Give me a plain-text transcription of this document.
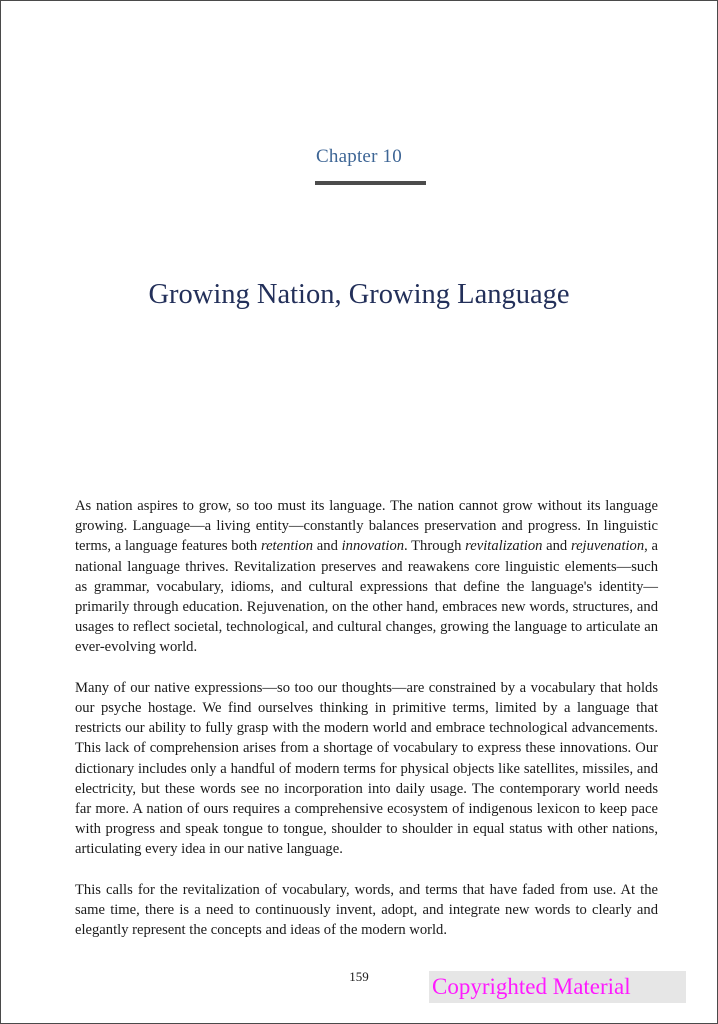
Chapter 10
Growing Nation, Growing Language

As nation aspires to grow, so too must its language. The nation cannot grow without its language growing. Language—a living entity—constantly balances preservation and progress. In linguistic terms, a language features both retention and innovation. Through revitalization and rejuvenation, a national language thrives. Revitalization preserves and reawakens core linguistic elements—such as grammar, vocabulary, idioms, and cultural expressions that define the language's identity—primarily through education. Rejuvenation, on the other hand, embraces new words, structures, and usages to reflect societal, technological, and cultural changes, growing the language to articulate an ever-evolving world.

Many of our native expressions—so too our thoughts—are constrained by a vocabulary that holds our psyche hostage. We find ourselves thinking in primitive terms, limited by a language that restricts our ability to fully grasp with the modern world and embrace technological advancements. This lack of comprehension arises from a shortage of vocabulary to express these innovations. Our dictionary includes only a handful of modern terms for physical objects like satellites, missiles, and electricity, but these words see no incorporation into daily usage. The contemporary world needs far more. A nation of ours requires a comprehensive ecosystem of indigenous lexicon to keep pace with progress and speak tongue to tongue, shoulder to shoulder in equal status with other nations, articulating every idea in our native language.

This calls for the revitalization of vocabulary, words, and terms that have faded from use. At the same time, there is a need to continuously invent, adopt, and integrate new words to clearly and elegantly represent the concepts and ideas of the modern world.

159	Copyrighted Material
